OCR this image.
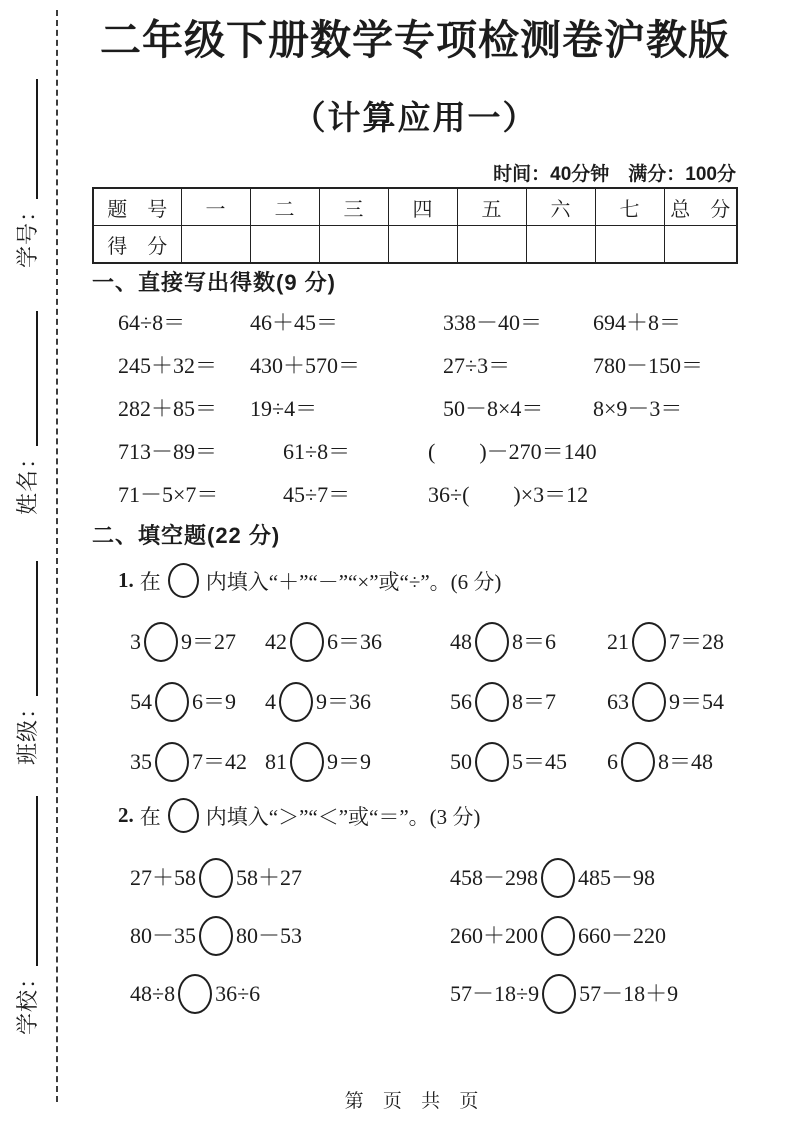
学号：
姓名：
班级：
学校：
二年级下册数学专项检测卷沪教版
（计算应用一）
时间：40分钟　满分：100分
题　号	一	二	三	四	五	六	七	总　分
得　分								
一、直接写出得数(9 分)
64÷8＝	46＋45＝	338－40＝	694＋8＝
245＋32＝	430＋570＝	27÷3＝	780－150＝
282＋85＝	19÷4＝	50－8×4＝	8×9－3＝
713－89＝	61÷8＝	(　　)－270＝140
71－5×7＝	45÷7＝	36÷(　　)×3＝12
二、填空题(22 分)
1. 在 内填入“＋”“－”“×”或“÷”。(6 分)
3 9＝27 42 6＝36	48 8＝6 21 7＝28
54 6＝9 4 9＝36	56 8＝7 63 9＝54
35 7＝42 81 9＝9	50 5＝45 6 8＝48
2. 在 内填入“＞”“＜”或“＝”。(3 分)
27＋58 58＋27	458－298 485－98
80－35 80－53	260＋200 660－220
48÷8 36÷6	57－18÷9 57－18＋9
第 页 共 页
